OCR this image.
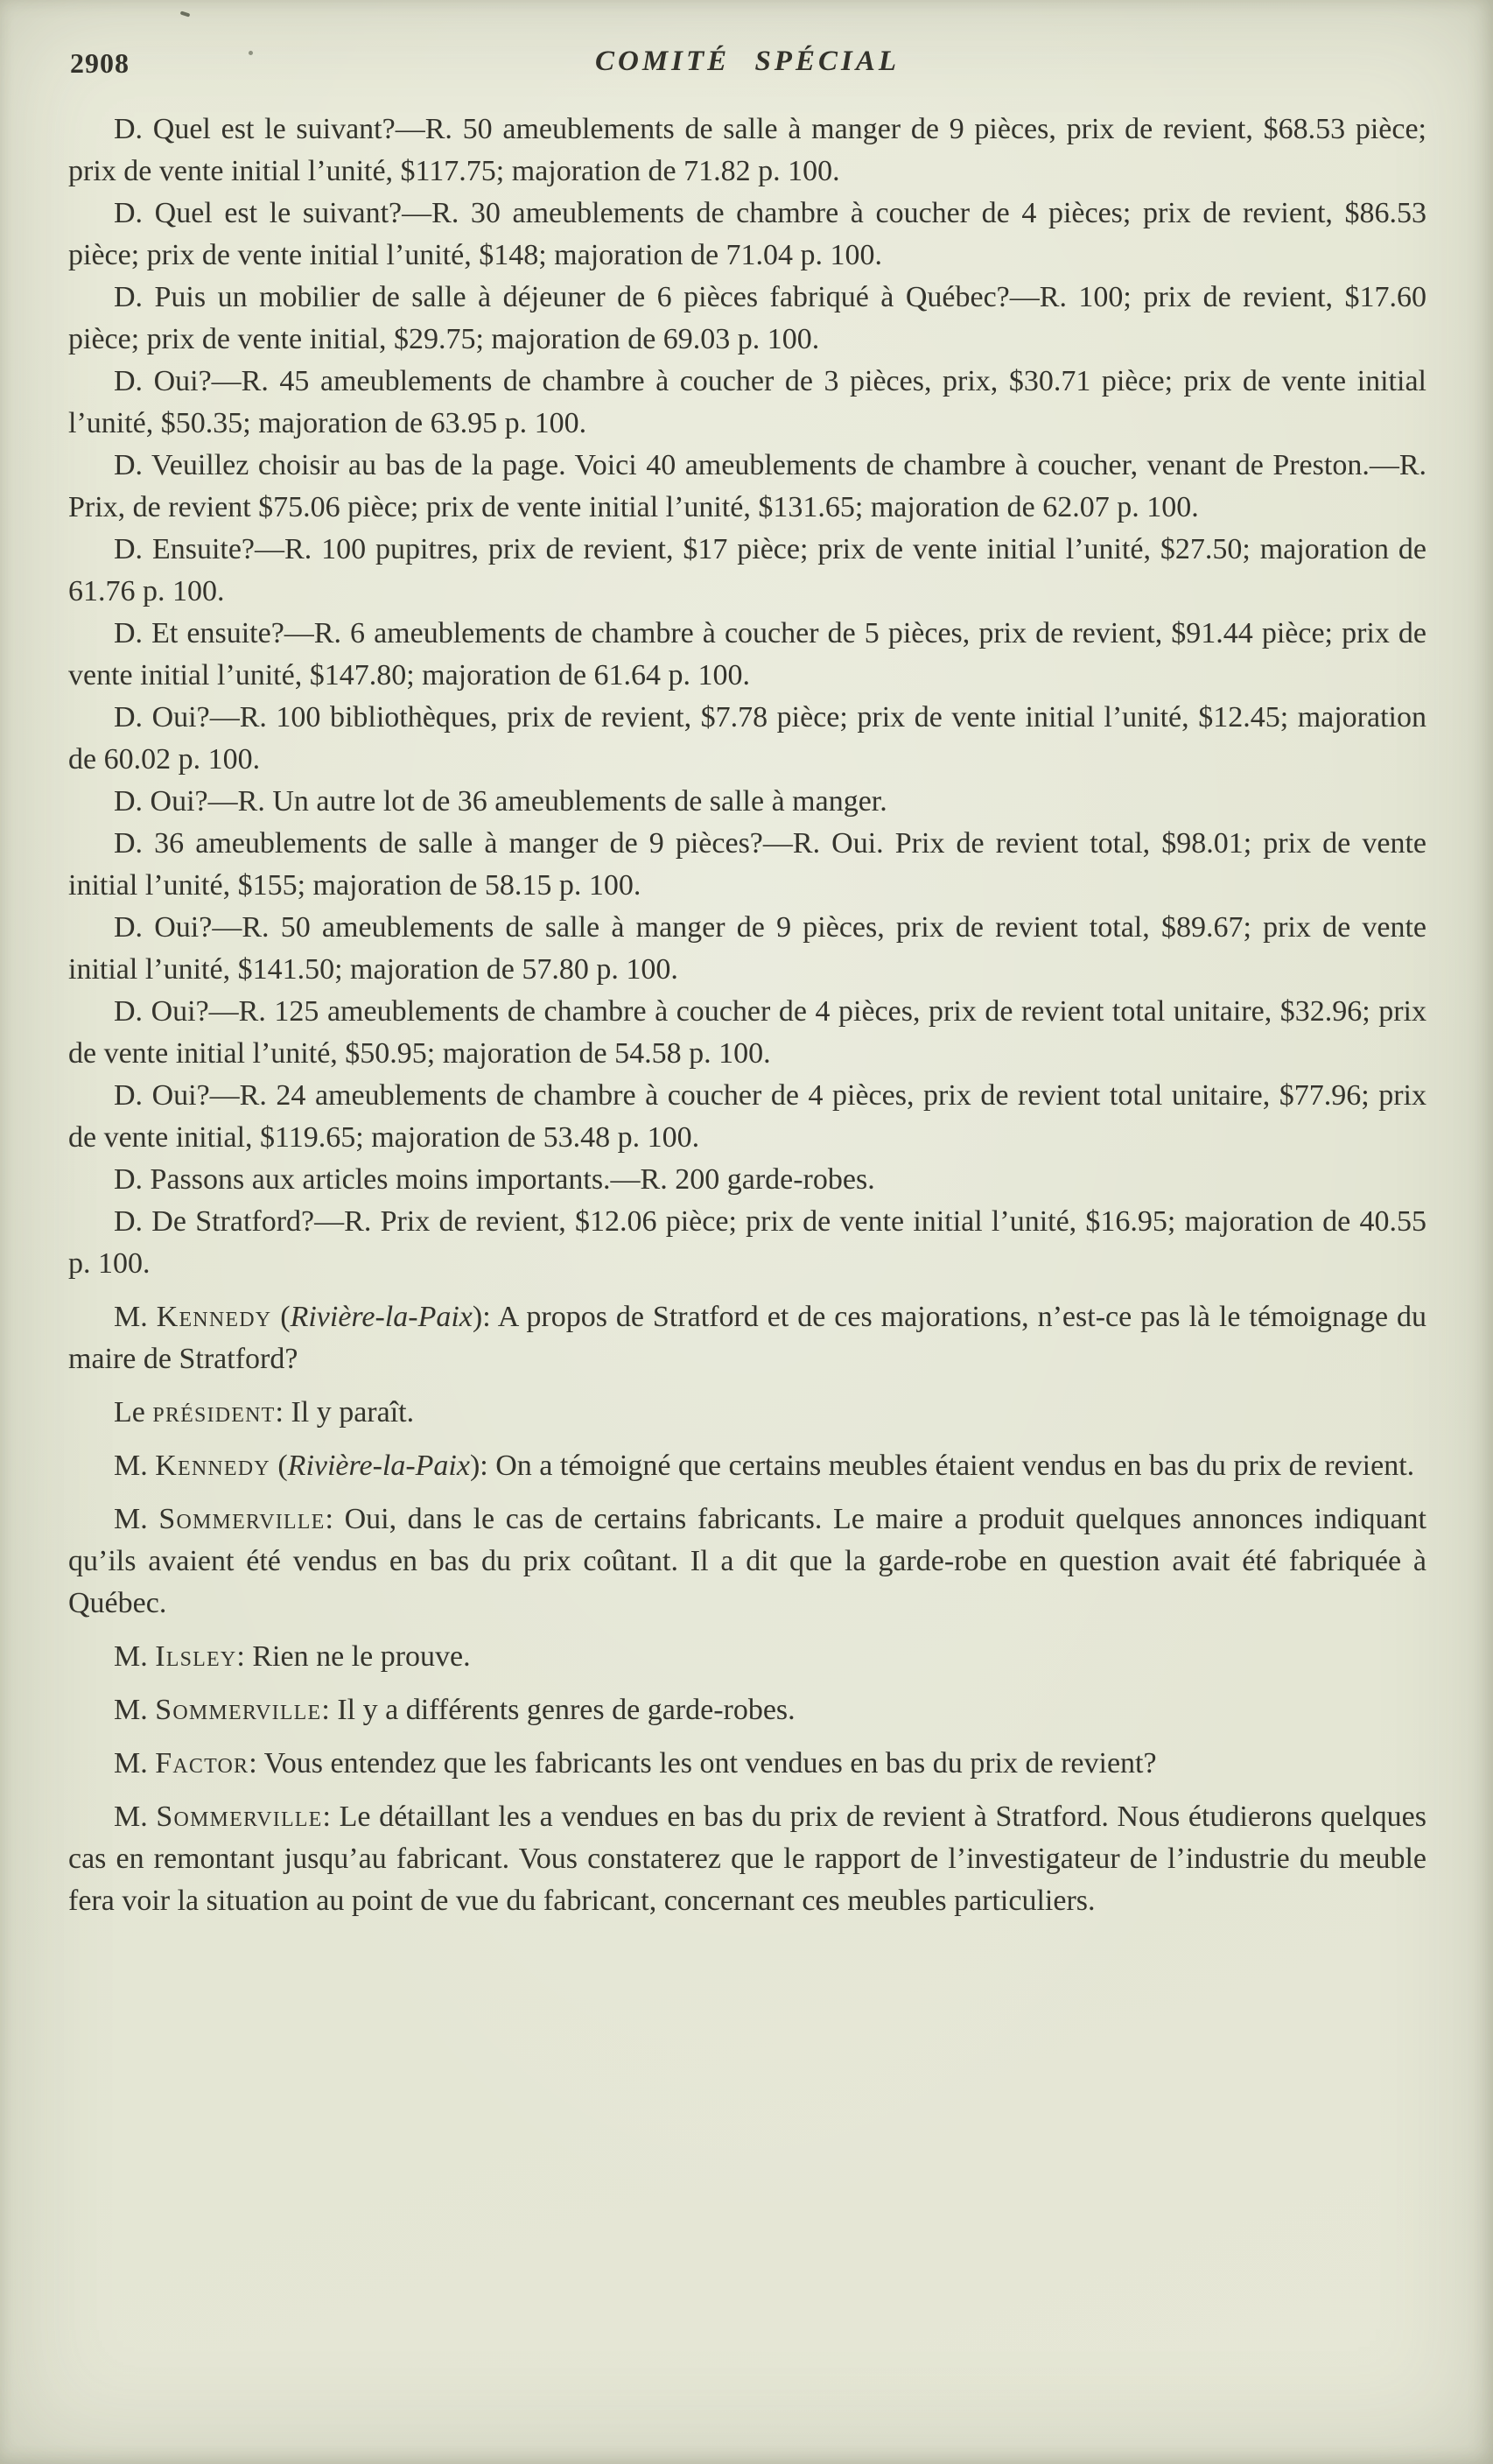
2908	COMITÉ SPÉCIAL

D. Quel est le suivant?—R. 50 ameublements de salle à manger de 9 pièces, prix de revient, $68.53 pièce; prix de vente initial l’unité, $117.75; majoration de 71.82 p. 100.

D. Quel est le suivant?—R. 30 ameublements de chambre à coucher de 4 pièces; prix de revient, $86.53 pièce; prix de vente initial l’unité, $148; majoration de 71.04 p. 100.

D. Puis un mobilier de salle à déjeuner de 6 pièces fabriqué à Québec?—R. 100; prix de revient, $17.60 pièce; prix de vente initial, $29.75; majoration de 69.03 p. 100.

D. Oui?—R. 45 ameublements de chambre à coucher de 3 pièces, prix, $30.71 pièce; prix de vente initial l’unité, $50.35; majoration de 63.95 p. 100.

D. Veuillez choisir au bas de la page. Voici 40 ameublements de chambre à coucher, venant de Preston.—R. Prix, de revient $75.06 pièce; prix de vente initial l’unité, $131.65; majoration de 62.07 p. 100.

D. Ensuite?—R. 100 pupitres, prix de revient, $17 pièce; prix de vente initial l’unité, $27.50; majoration de 61.76 p. 100.

D. Et ensuite?—R. 6 ameublements de chambre à coucher de 5 pièces, prix de revient, $91.44 pièce; prix de vente initial l’unité, $147.80; majoration de 61.64 p. 100.

D. Oui?—R. 100 bibliothèques, prix de revient, $7.78 pièce; prix de vente initial l’unité, $12.45; majoration de 60.02 p. 100.

D. Oui?—R. Un autre lot de 36 ameublements de salle à manger.

D. 36 ameublements de salle à manger de 9 pièces?—R. Oui. Prix de revient total, $98.01; prix de vente initial l’unité, $155; majoration de 58.15 p. 100.

D. Oui?—R. 50 ameublements de salle à manger de 9 pièces, prix de revient total, $89.67; prix de vente initial l’unité, $141.50; majoration de 57.80 p. 100.

D. Oui?—R. 125 ameublements de chambre à coucher de 4 pièces, prix de revient total unitaire, $32.96; prix de vente initial l’unité, $50.95; majoration de 54.58 p. 100.

D. Oui?—R. 24 ameublements de chambre à coucher de 4 pièces, prix de revient total unitaire, $77.96; prix de vente initial, $119.65; majoration de 53.48 p. 100.

D. Passons aux articles moins importants.—R. 200 garde-robes.

D. De Stratford?—R. Prix de revient, $12.06 pièce; prix de vente initial l’unité, $16.95; majoration de 40.55 p. 100.

M. Kennedy (Rivière-la-Paix): A propos de Stratford et de ces majorations, n’est-ce pas là le témoignage du maire de Stratford?

Le président: Il y paraît.

M. Kennedy (Rivière-la-Paix): On a témoigné que certains meubles étaient vendus en bas du prix de revient.

M. Sommerville: Oui, dans le cas de certains fabricants. Le maire a produit quelques annonces indiquant qu’ils avaient été vendus en bas du prix coûtant. Il a dit que la garde-robe en question avait été fabriquée à Québec.

M. Ilsley: Rien ne le prouve.

M. Sommerville: Il y a différents genres de garde-robes.

M. Factor: Vous entendez que les fabricants les ont vendues en bas du prix de revient?

M. Sommerville: Le détaillant les a vendues en bas du prix de revient à Stratford. Nous étudierons quelques cas en remontant jusqu’au fabricant. Vous constaterez que le rapport de l’investigateur de l’industrie du meuble fera voir la situation au point de vue du fabricant, concernant ces meubles particuliers.
